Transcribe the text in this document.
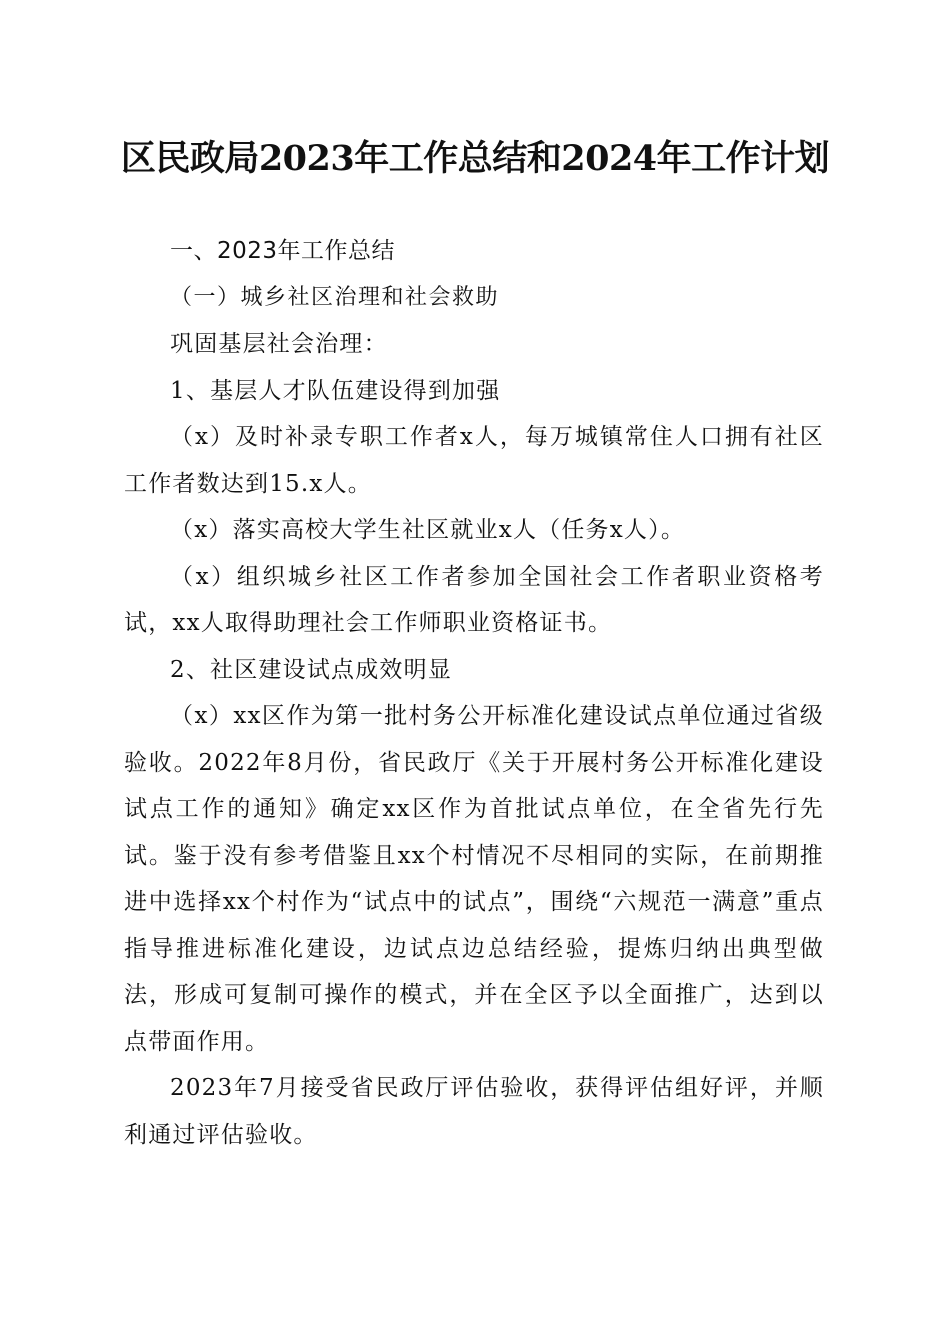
区民政局2023年工作总结和2024年工作计划

一、2023年工作总结

（一）城乡社区治理和社会救助

巩固基层社会治理：

1、基层人才队伍建设得到加强

（x）及时补录专职工作者x人，每万城镇常住人口拥有社区工作者数达到15.x人。

（x）落实高校大学生社区就业x人（任务x人）。

（x）组织城乡社区工作者参加全国社会工作者职业资格考试，xx人取得助理社会工作师职业资格证书。

2、社区建设试点成效明显

（x）xx区作为第一批村务公开标准化建设试点单位通过省级验收。2022年8月份，省民政厅《关于开展村务公开标准化建设试点工作的通知》确定xx区作为首批试点单位，在全省先行先试。鉴于没有参考借鉴且xx个村情况不尽相同的实际，在前期推进中选择xx个村作为“试点中的试点”，围绕“六规范一满意”重点指导推进标准化建设，边试点边总结经验，提炼归纳出典型做法，形成可复制可操作的模式，并在全区予以全面推广，达到以点带面作用。

2023年7月接受省民政厅评估验收，获得评估组好评，并顺利通过评估验收。
